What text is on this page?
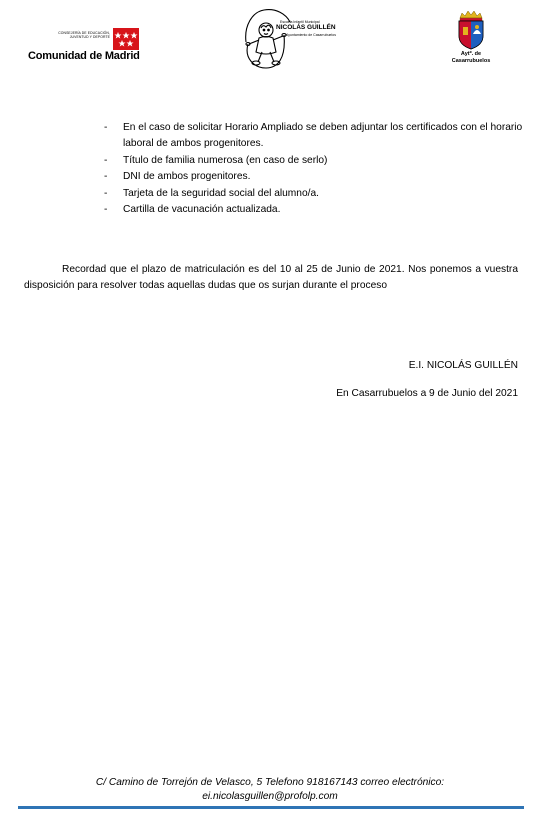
CONSEJERÍA DE EDUCACIÓN,
JUVENTUD Y DEPORTE
Comunidad de Madrid
Escuela Infantil Municipal
NICOLÁS GUILLÉN
Ayuntamiento de Casarrubuelos
Aytº. de
Casarrubuelos
- En el caso de solicitar Horario Ampliado se deben adjuntar los certificados con el horario laboral de ambos progenitores.
- Título de familia numerosa (en caso de serlo)
- DNI de ambos progenitores.
- Tarjeta de la seguridad social del alumno/a.
- Cartilla de vacunación actualizada.

Recordad que el plazo de matriculación es del 10 al 25 de Junio de 2021. Nos ponemos a vuestra disposición para resolver todas aquellas dudas que os surjan durante el proceso

E.I. NICOLÁS GUILLÉN
En Casarrubuelos a 9 de Junio del 2021
C/ Camino de Torrejón de Velasco, 5 Telefono 918167143 correo electrónico:
ei.nicolasguillen@profolp.com
